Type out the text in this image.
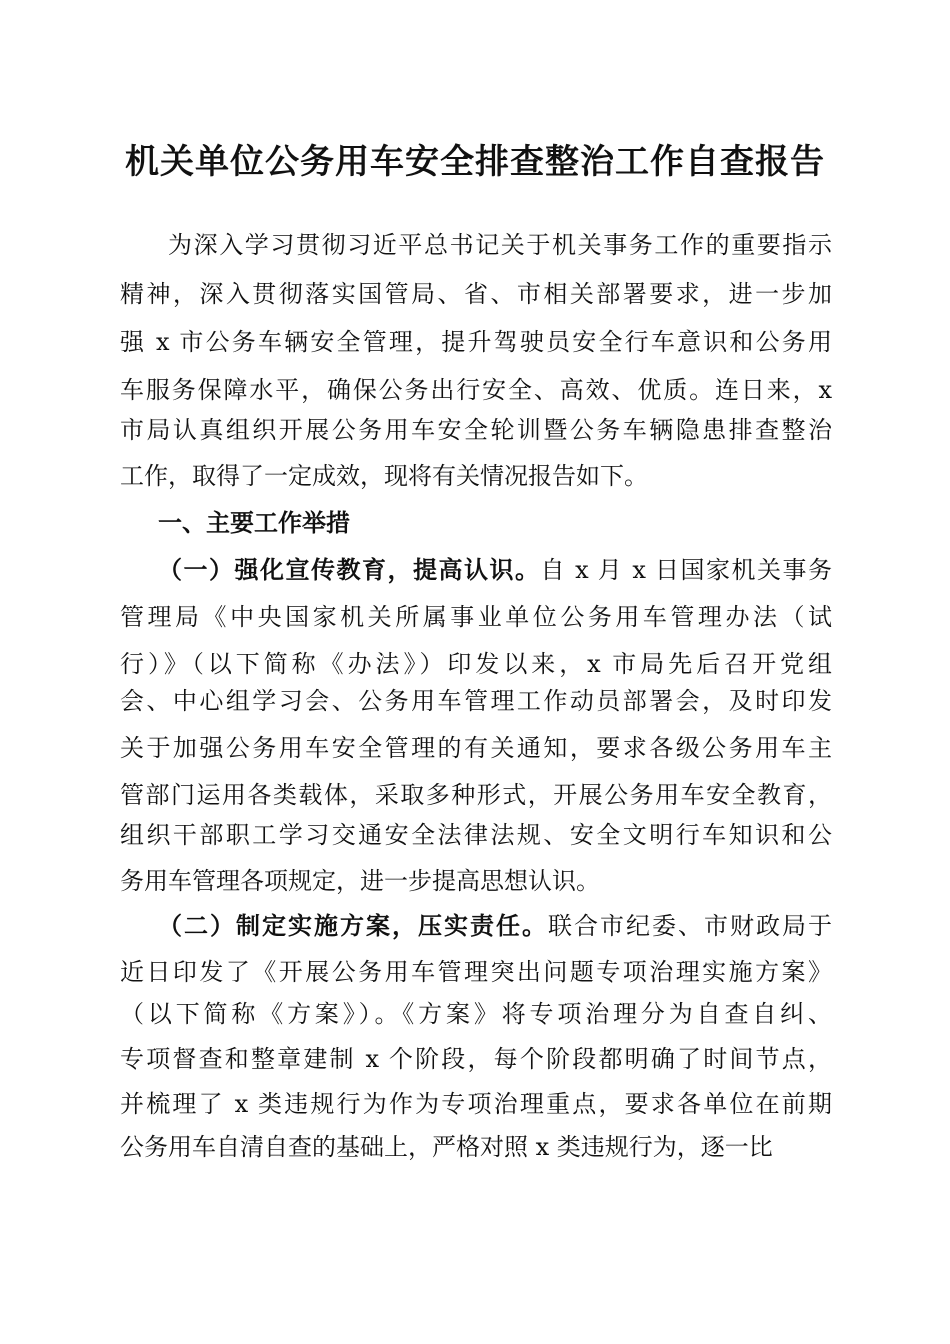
机关单位公务用车安全排查整治工作自查报告
为深入学习贯彻习近平总书记关于机关事务工作的重要指示
精神，深入贯彻落实国管局、省、市相关部署要求，进一步加
强 x 市公务车辆安全管理，提升驾驶员安全行车意识和公务用
车服务保障水平，确保公务出行安全、高效、优质。连日来，x
市局认真组织开展公务用车安全轮训暨公务车辆隐患排查整治
工作，取得了一定成效，现将有关情况报告如下。
一、主要工作举措
（一）强化宣传教育，提高认识。自 x 月 x 日国家机关事务
管理局《中央国家机关所属事业单位公务用车管理办法（试
行）》（以下简称《办法》）印发以来，x 市局先后召开党组
会、中心组学习会、公务用车管理工作动员部署会，及时印发
关于加强公务用车安全管理的有关通知，要求各级公务用车主
管部门运用各类载体，采取多种形式，开展公务用车安全教育，
组织干部职工学习交通安全法律法规、安全文明行车知识和公
务用车管理各项规定，进一步提高思想认识。
（二）制定实施方案，压实责任。联合市纪委、市财政局于
近日印发了《开展公务用车管理突出问题专项治理实施方案》
（以下简称《方案》）。《方案》将专项治理分为自查自纠、
专项督查和整章建制 x 个阶段，每个阶段都明确了时间节点，
并梳理了 x 类违规行为作为专项治理重点，要求各单位在前期
公务用车自清自查的基础上，严格对照 x 类违规行为，逐一比
